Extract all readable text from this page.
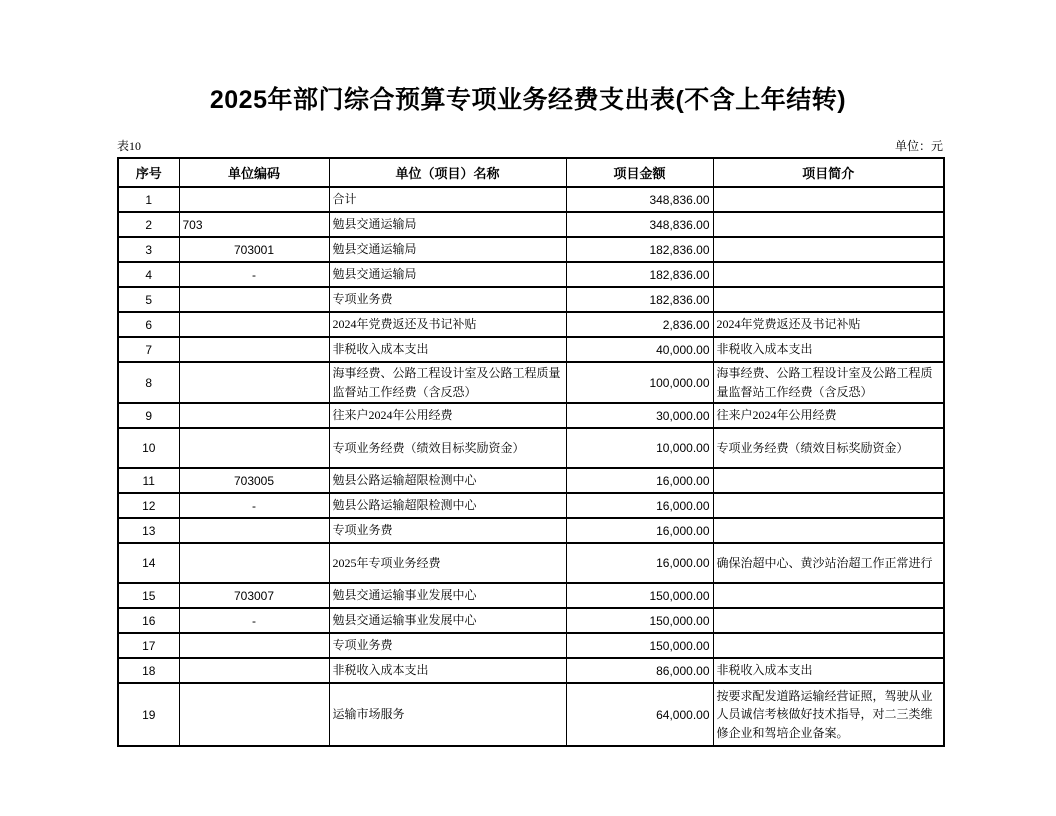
2025年部门综合预算专项业务经费支出表(不含上年结转)
表10	单位：元
序号	单位编码	单位（项目）名称	项目金额	项目简介
1		合计	348,836.00	
2	703	勉县交通运输局	348,836.00	
3	703001	勉县交通运输局	182,836.00	
4	-	勉县交通运输局	182,836.00	
5		专项业务费	182,836.00	
6		2024年党费返还及书记补贴	2,836.00	2024年党费返还及书记补贴
7		非税收入成本支出	40,000.00	非税收入成本支出
8		海事经费、公路工程设计室及公路工程质量监督站工作经费（含反恐）	100,000.00	海事经费、公路工程设计室及公路工程质量监督站工作经费（含反恐）
9		往来户2024年公用经费	30,000.00	往来户2024年公用经费
10		专项业务经费（绩效目标奖励资金）	10,000.00	专项业务经费（绩效目标奖励资金）
11	703005	勉县公路运输超限检测中心	16,000.00	
12	-	勉县公路运输超限检测中心	16,000.00	
13		专项业务费	16,000.00	
14		2025年专项业务经费	16,000.00	确保治超中心、黄沙站治超工作正常进行
15	703007	勉县交通运输事业发展中心	150,000.00	
16	-	勉县交通运输事业发展中心	150,000.00	
17		专项业务费	150,000.00	
18		非税收入成本支出	86,000.00	非税收入成本支出
19		运输市场服务	64,000.00	按要求配发道路运输经营证照，驾驶从业人员诚信考核做好技术指导，对二三类维修企业和驾培企业备案。
